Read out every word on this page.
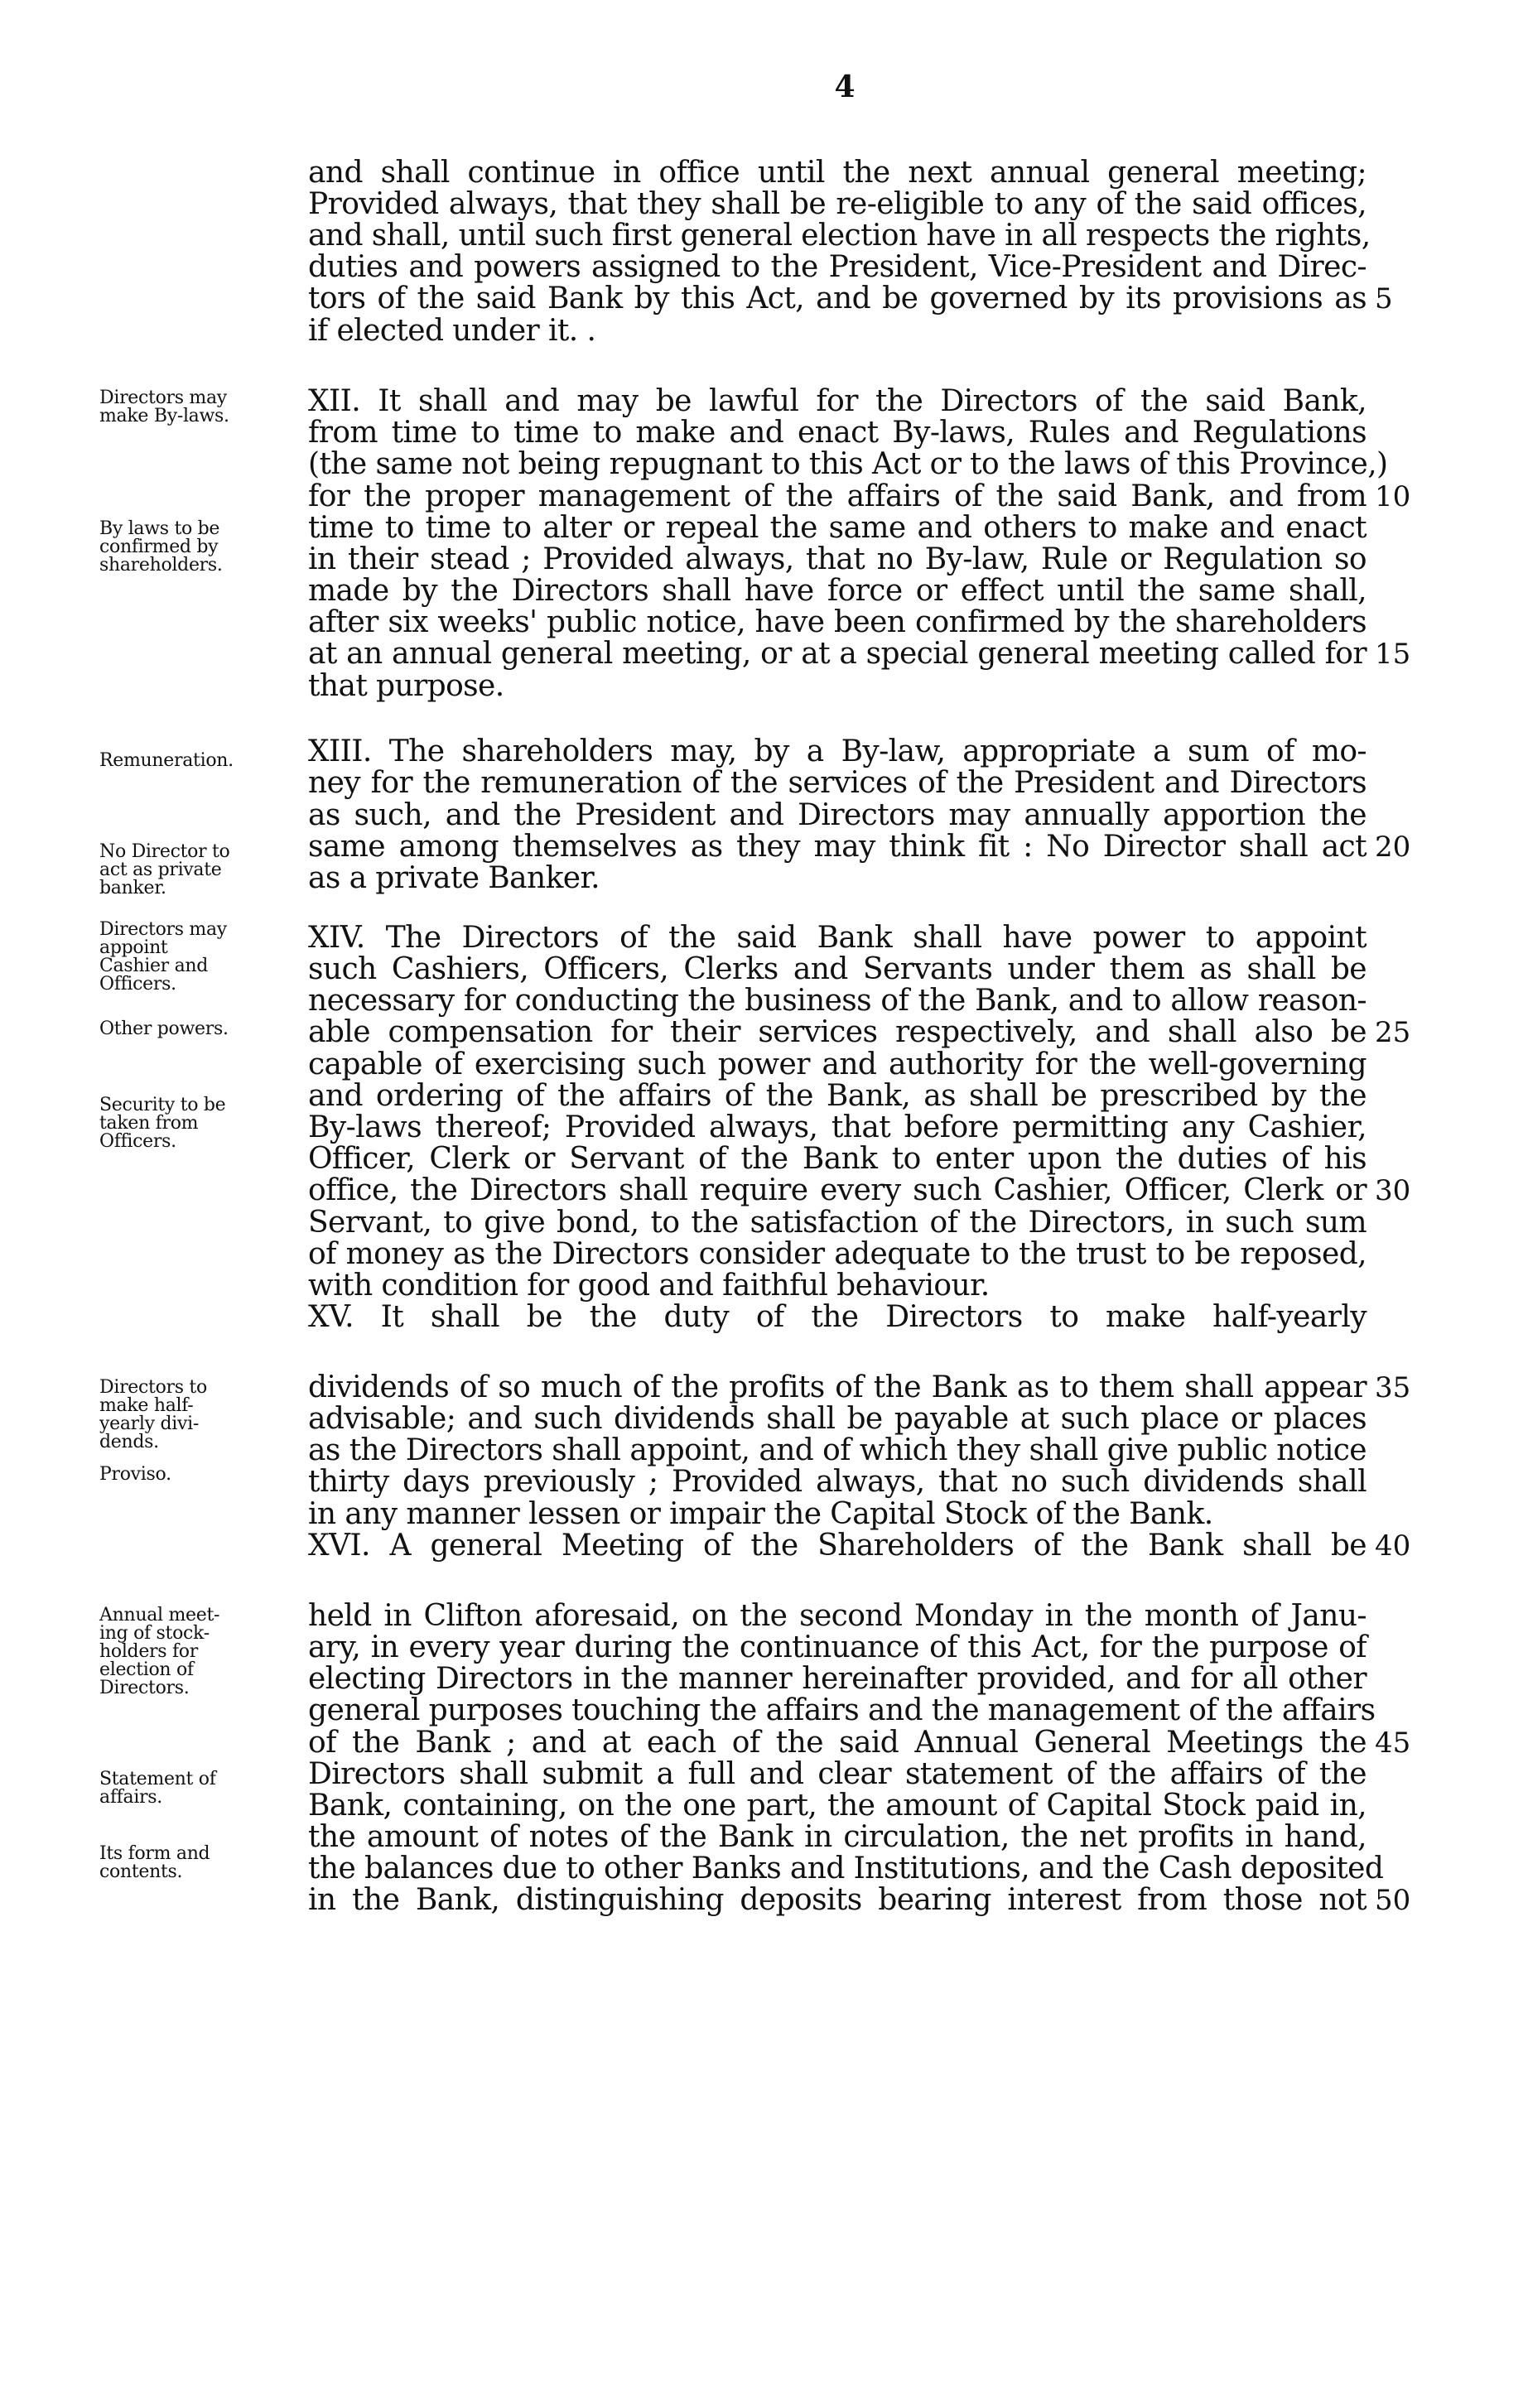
4
and shall continue in office until the next annual general meeting;
Provided always, that they shall be re-eligible to any of the said offices,
and shall, until such first general election have in all respects the rights,
duties and powers assigned to the President, Vice-President and Direc-
tors of the said Bank by this Act, and be governed by its provisions as 5
if elected under it. .
XII. It shall and may be lawful for the Directors of the said Bank,
from time to time to make and enact By-laws, Rules and Regulations
(the same not being repugnant to this Act or to the laws of this Province,)
for the proper management of the affairs of the said Bank, and from 10
time to time to alter or repeal the same and others to make and enact
in their stead ; Provided always, that no By-law, Rule or Regulation so
made by the Directors shall have force or effect until the same shall,
after six weeks' public notice, have been confirmed by the shareholders
at an annual general meeting, or at a special general meeting called for 15
that purpose.
XIII. The shareholders may, by a By-law, appropriate a sum of mo-
ney for the remuneration of the services of the President and Directors
as such, and the President and Directors may annually apportion the
same among themselves as they may think fit : No Director shall act 20
as a private Banker.
XIV. The Directors of the said Bank shall have power to appoint
such Cashiers, Officers, Clerks and Servants under them as shall be
necessary for conducting the business of the Bank, and to allow reason-
able compensation for their services respectively, and shall also be 25
capable of exercising such power and authority for the well-governing
and ordering of the affairs of the Bank, as shall be prescribed by the
By-laws thereof; Provided always, that before permitting any Cashier,
Officer, Clerk or Servant of the Bank to enter upon the duties of his
office, the Directors shall require every such Cashier, Officer, Clerk or 30
Servant, to give bond, to the satisfaction of the Directors, in such sum
of money as the Directors consider adequate to the trust to be reposed,
with condition for good and faithful behaviour.
XV. It shall be the duty of the Directors to make half-yearly
dividends of so much of the profits of the Bank as to them shall appear 35
advisable; and such dividends shall be payable at such place or places
as the Directors shall appoint, and of which they shall give public notice
thirty days previously ; Provided always, that no such dividends shall
in any manner lessen or impair the Capital Stock of the Bank.
XVI. A general Meeting of the Shareholders of the Bank shall be 40
held in Clifton aforesaid, on the second Monday in the month of Janu-
ary, in every year during the continuance of this Act, for the purpose of
electing Directors in the manner hereinafter provided, and for all other
general purposes touching the affairs and the management of the affairs
of the Bank ; and at each of the said Annual General Meetings the 45
Directors shall submit a full and clear statement of the affairs of the
Bank, containing, on the one part, the amount of Capital Stock paid in,
the amount of notes of the Bank in circulation, the net profits in hand,
the balances due to other Banks and Institutions, and the Cash deposited
in the Bank, distinguishing deposits bearing interest from those not 50
Directors may
make By-laws.
By laws to be
confirmed by
shareholders.
Remuneration.
No Director to
act as private
banker.
Directors may
appoint
Cashier and
Officers.
Other powers.
Security to be
taken from
Officers.
Directors to
make half-
yearly divi-
dends.
Proviso.
Annual meet-
ing of stock-
holders for
election of
Directors.
Statement of
affairs.
Its form and
contents.
